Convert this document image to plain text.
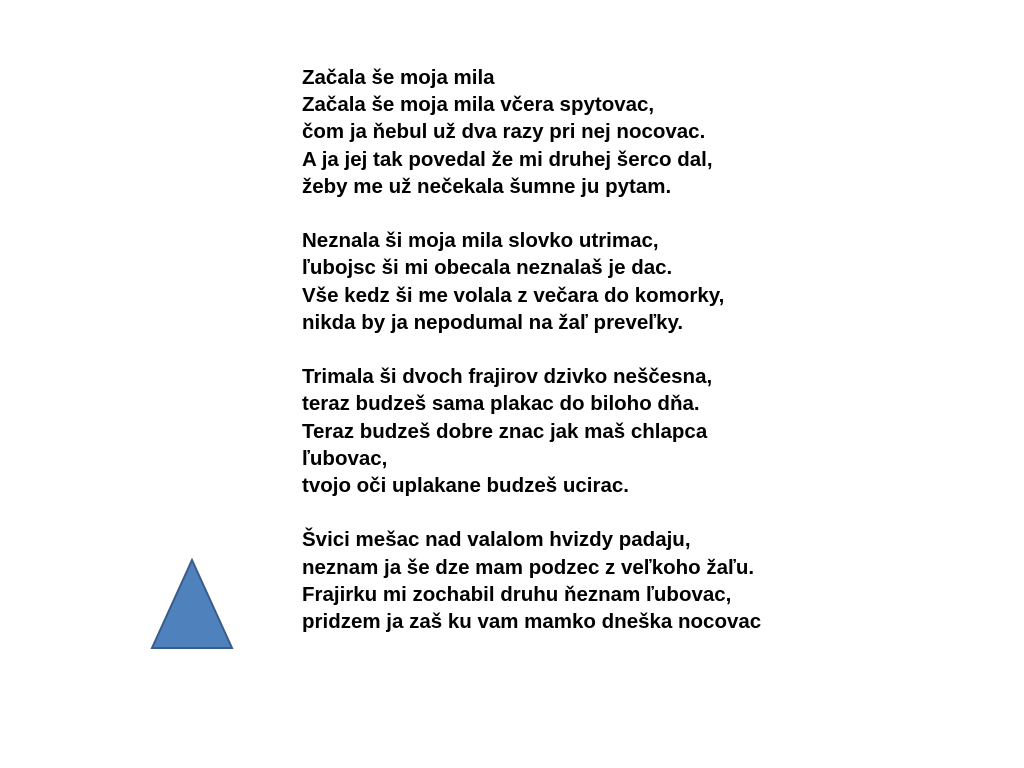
Začala še moja mila
Začala še moja mila včera spytovac,
čom ja ňebul už dva razy pri nej nocovac.
A ja jej tak povedal že mi druhej šerco dal,
žeby me už nečekala šumne ju pytam.
Neznala ši moja mila slovko utrimac,
ľubojsc ši mi obecala neznalaš je dac.
Vše kedz ši me volala z večara do komorky,
nikda by ja nepodumal na žaľ preveľky.
Trimala ši dvoch frajirov dzivko neščesna,
teraz budzeš sama plakac do biloho dňa.
Teraz budzeš dobre znac jak maš chlapca
ľubovac,
tvojo oči uplakane budzeš ucirac.
Švici mešac nad valalom hvizdy padaju,
neznam ja še dze mam podzec z veľkoho žaľu.
Frajirku mi zochabil druhu ňeznam ľubovac,
pridzem ja zaš ku vam mamko dneška nocovac
